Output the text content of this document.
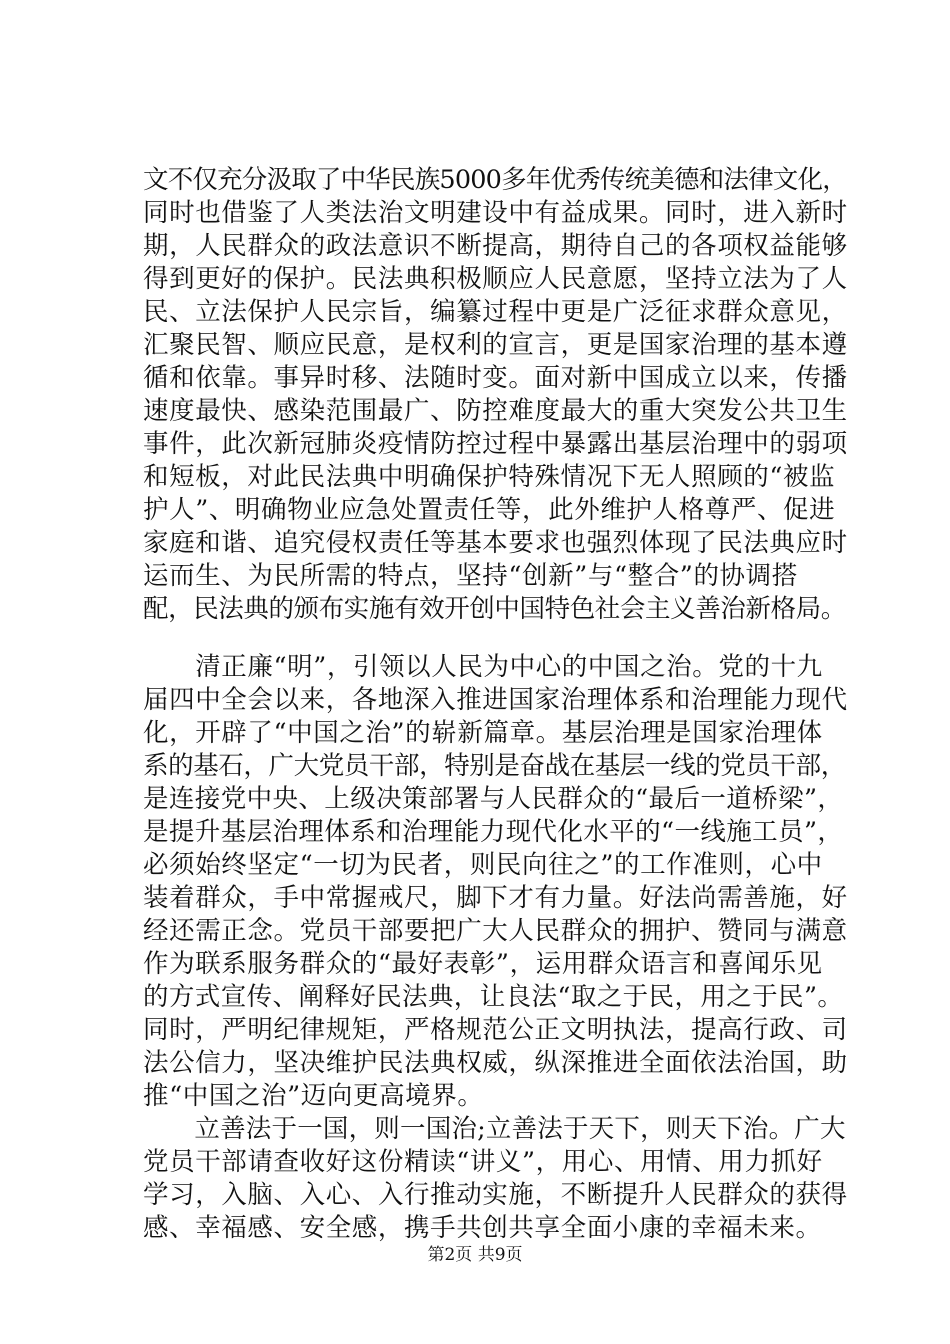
文不仅充分汲取了中华民族5000多年优秀传统美德和法律文化，
同时也借鉴了人类法治文明建设中有益成果。同时，进入新时
期，人民群众的政法意识不断提高，期待自己的各项权益能够
得到更好的保护。民法典积极顺应人民意愿，坚持立法为了人
民、立法保护人民宗旨，编纂过程中更是广泛征求群众意见，
汇聚民智、顺应民意，是权利的宣言，更是国家治理的基本遵
循和依靠。事异时移、法随时变。面对新中国成立以来，传播
速度最快、感染范围最广、防控难度最大的重大突发公共卫生
事件，此次新冠肺炎疫情防控过程中暴露出基层治理中的弱项
和短板，对此民法典中明确保护特殊情况下无人照顾的“被监
护人”、明确物业应急处置责任等，此外维护人格尊严、促进
家庭和谐、追究侵权责任等基本要求也强烈体现了民法典应时
运而生、为民所需的特点，坚持“创新”与“整合”的协调搭
配，民法典的颁布实施有效开创中国特色社会主义善治新格局。
　　清正廉“明”，引领以人民为中心的中国之治。党的十九
届四中全会以来，各地深入推进国家治理体系和治理能力现代
化，开辟了“中国之治”的崭新篇章。基层治理是国家治理体
系的基石，广大党员干部，特别是奋战在基层一线的党员干部，
是连接党中央、上级决策部署与人民群众的“最后一道桥梁”，
是提升基层治理体系和治理能力现代化水平的“一线施工员”，
必须始终坚定“一切为民者，则民向往之”的工作准则，心中
装着群众，手中常握戒尺，脚下才有力量。好法尚需善施，好
经还需正念。党员干部要把广大人民群众的拥护、赞同与满意
作为联系服务群众的“最好表彰”，运用群众语言和喜闻乐见
的方式宣传、阐释好民法典，让良法“取之于民，用之于民”。
同时，严明纪律规矩，严格规范公正文明执法，提高行政、司
法公信力，坚决维护民法典权威，纵深推进全面依法治国，助
推“中国之治”迈向更高境界。
　　立善法于一国，则一国治;立善法于天下，则天下治。广大
党员干部请查收好这份精读“讲义”，用心、用情、用力抓好
学习，入脑、入心、入行推动实施，不断提升人民群众的获得
感、幸福感、安全感，携手共创共享全面小康的幸福未来。
第2页 共9页
